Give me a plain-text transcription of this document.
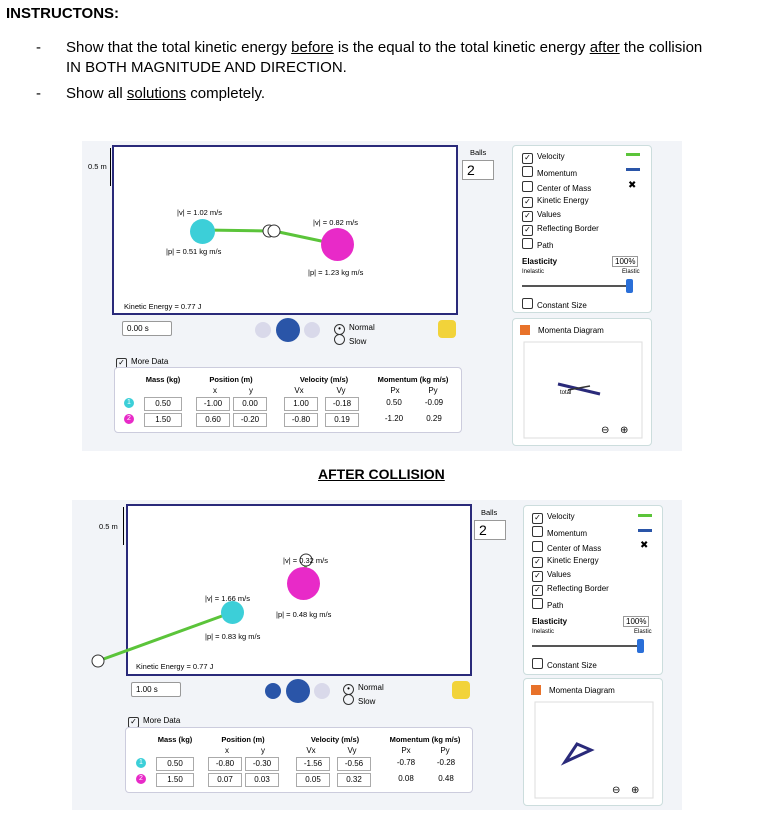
INSTRUCTONS:
- Show that the total kinetic energy before is the equal to the total kinetic energy after the collision
IN BOTH MAGNITUDE AND DIRECTION.
- Show all solutions completely.
0.5 m
|v| = 1.02 m/s
|p| = 0.51 kg m/s
|v| = 0.82 m/s
|p| = 1.23 kg m/s
Kinetic Energy = 0.77 J
0.00 s	• Normal
Slow
Balls
2
✓ Velocity
Momentum
Center of Mass
✓ Kinetic Energy
✓ Values
✓ Reflecting Border
Path
✖
Elasticity	100%
Inelastic	Elastic
Constant Size
Momenta Diagram
total
⊖ ⊕
✓ More Data
Mass (kg)	Position (m)	Velocity (m/s)	Momentum (kg m/s)
x	y	Vx	Vy	Px	Py
1	0.50	-1.00	0.00	1.00	-0.18	0.50	-0.09
2	1.50	0.60	-0.20	-0.80	0.19	-1.20	0.29
AFTER COLLISION
0.5 m
|v| = 1.66 m/s
|p| = 0.83 kg m/s
|v| = 0.32 m/s
|p| = 0.48 kg m/s
Kinetic Energy = 0.77 J
1.00 s	• Normal
Slow
Balls
2
✓ Velocity
Momentum
Center of Mass
✓ Kinetic Energy
✓ Values
✓ Reflecting Border
Path
✖
Elasticity	100%
Inelastic	Elastic
Constant Size
Momenta Diagram
⊖ ⊕
✓ More Data
Mass (kg)	Position (m)	Velocity (m/s)	Momentum (kg m/s)
x	y	Vx	Vy	Px	Py
1	0.50	-0.80	-0.30	-1.56	-0.56	-0.78	-0.28
2	1.50	0.07	0.03	0.05	0.32	0.08	0.48
